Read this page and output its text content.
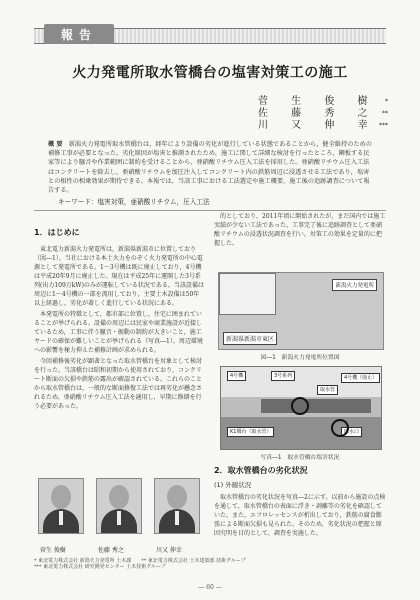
報告
火力発電所取水管橋台の塩害対策工の施工
菅 生 俊 樹 *
佐 藤 秀 之 **
川 又 伸 幸 ***
概 要　 新潟火力発電所取水管橋台は，経年により設備の劣化が進行している状態であることから，健全維持のための補修工事が必要となった。劣化原因が塩害と推測されたため，施工に関して詳細な検討を行ったところ，鋼板する民家等により騒音や作業範囲に制約を受けることから，亜硝酸リチウム圧入工法を採用した。亜硝酸リチウム圧入工法はコンクリートを除去し，亜硝酸リチウムを加圧注入してコンクリート内の鉄筋周辺に浸透させる工法であり，塩害との相性の相乗効果が期待できる。本報では，当該工事における工法選定や施工概要，施工後の追跡調査について報告する。
キーワード：塩害対策，亜硝酸リチウム，圧入工法
1．はじめに

東北電力新潟火力発電所は，新潟県新潟市に位置しており（図―1），当社における本土火力をのぞく火力発電所の中心電源として発電所である。1～3号機は既に廃止しており，4号機は平成20年9月に廃止した。現在は平成25年に運開した3号系列(出力109万kW)のみが運転している状況である。当該設備は周辺に1～4号機の一部を流用しており，主要土木設備は50年以上経過し，劣化が著しく進行している状況にある。

本発電所の特徴として，都市部に位置し，住宅に囲まれていることが挙げられる。設備の周辺には民家や商業施設が近接しているため，工事に伴う騒音・振動の制約が大きいこと，施工ヤードの確保が難しいことが挙げられる（写真―1）。周辺環境への影響を極力抑えた補修計画が求められる。

今回補修後劣化が顕著となった取水管橋台を対象として検討を行った。当該橋台は昭和初期から使用されており，コンクリート断面の欠損や鉄筋の露出が確認されている。これらのことから取水管橋台は，一般的な断面修復工法では再劣化が懸念されるため，亜硝酸リチウム圧入工法を適用し，早期に修繕を行う必要があった。

的としており，2011年頃に開始されたが，まだ国内では施工実績が少ない工法であった。工事完了後に追跡調査として亜硝酸リチウムの浸透状況調査を行い，対策工の効果を定量的に把握した。

新潟火力発電所
新潟県新潟市東区
図―1　新潟火力発電所位置図
4号機	3号系列
取水管
4号機（廃止）
K1橋台（取水管）	取水口
写真―1　取水管橋台塩害状況
2．取水管橋台の劣化状況
(1) 外観状況

取水管橋台の劣化状況を写真―2に示す。以前から施設の点検を通して，取水管橋台の表面に浮き・剥離等の劣化を確認していた。また，エフロレッセンスが析出しており，鉄筋の腐食膨張による断面欠損も見られた。そのため，劣化状況の把握と原因究明を目的として，調査を実施した。

菅生 俊樹	佐藤 秀之	川又 伸幸
* 東北電力株式会社 新潟火力発電所 土木課　　** 東北電力株式会社 土木建築部 技術グループ
*** 東北電力株式会社 研究開発センター 土木技術グループ
― 60 ―
